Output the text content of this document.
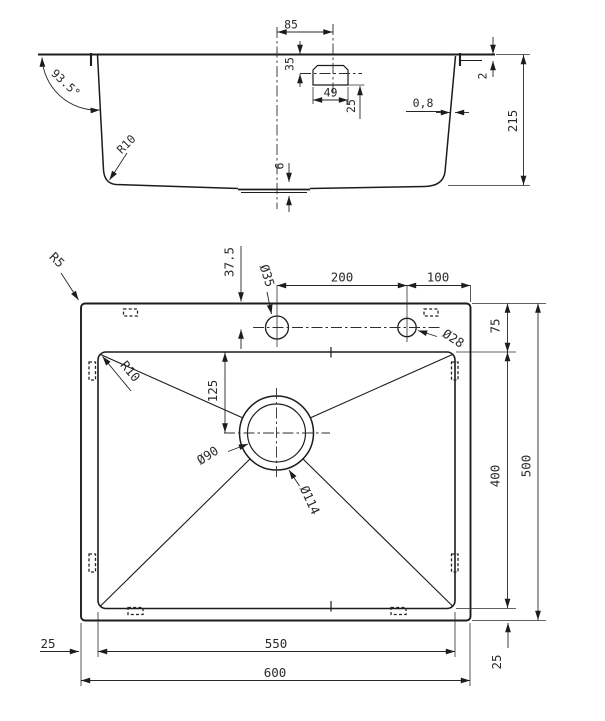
85
35
49
25	0,8
2
215
6
93.5°
R10
200	100
37.5 Ø35
Ø28
R5
R10
125
Ø90
Ø114
75
400 500
25
550
600
25
